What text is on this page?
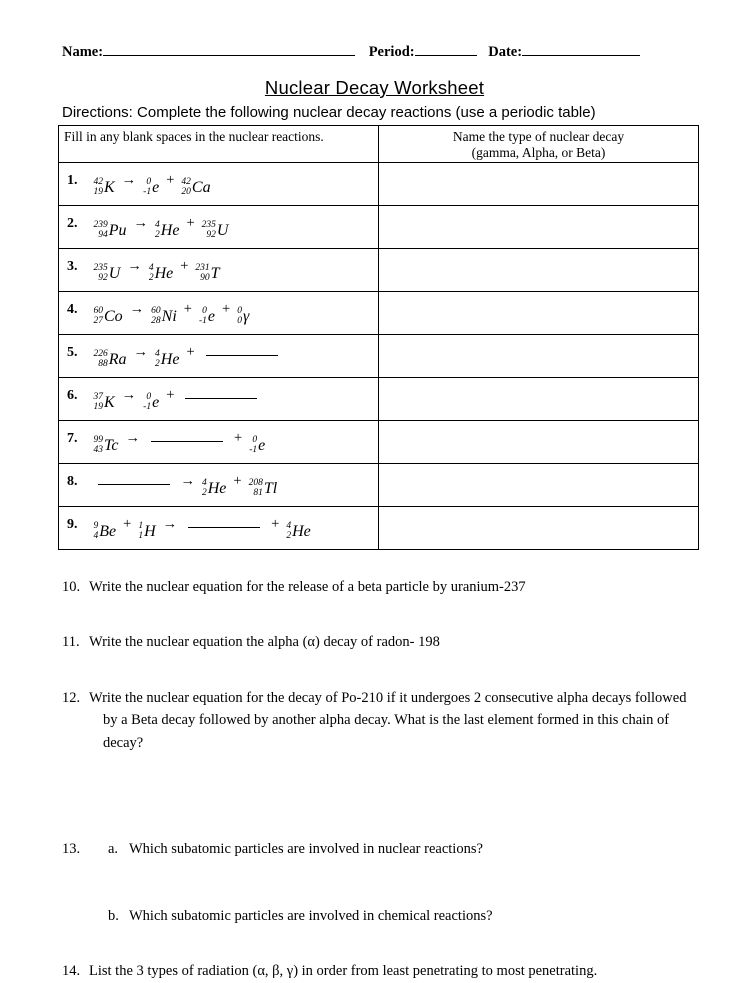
Name:	Period:	Date:
Nuclear Decay Worksheet
Directions: Complete the following nuclear decay reactions (use a periodic table)
Fill in any blank spaces in the nuclear reactions.	Name the type of nuclear decay
(gamma, Alpha, or Beta)

1. 42
19 K → 0
-1 e + 42
20 Ca

2. 239
94 Pu → 4
2 He + 235
92 U

3. 235
92 U → 4
2 He + 231
90 T

4. 60
27 Co → 60
28 Ni + 0
-1 e + 0
0 γ

5. 226
88 Ra → 4
2 He +	
6. 37
19 K → 0
-1 e +	
7. 99
43 Tc →	+ 0
-1 e

8.	→ 4
2 He + 208
81 Tl

9. 9
4 Be + 1
1 H →	+ 4
2 He

10. Write the nuclear equation for the release of a beta particle by uranium-237
11. Write the nuclear equation the alpha (α) decay of radon- 198
12. Write the nuclear equation for the decay of Po-210 if it undergoes 2 consecutive alpha decays followed by a Beta decay followed by another alpha decay. What is the last element formed in this chain of decay?
13.	a. Which subatomic particles are involved in nuclear reactions?
b. Which subatomic particles are involved in chemical reactions?
14. List the 3 types of radiation (α, β, γ) in order from least penetrating to most penetrating.
